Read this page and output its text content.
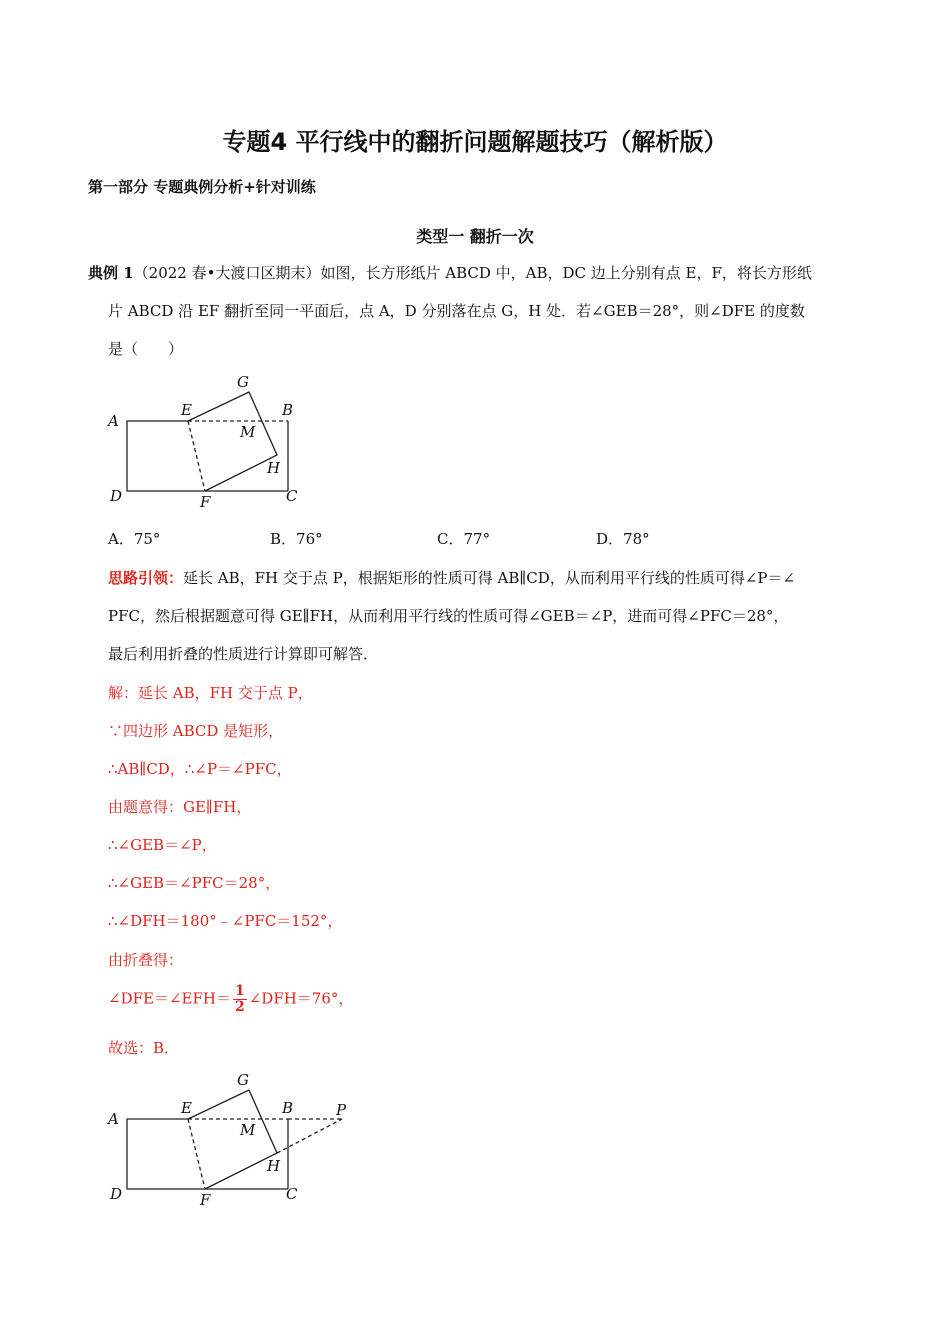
专题4 平行线中的翻折问题解题技巧（解析版）
第一部分 专题典例分析+针对训练
类型一 翻折一次
典例 1（2022 春•大渡口区期末）如图，长方形纸片 ABCD 中，AB，DC 边上分别有点 E，F，将长方形纸
片 ABCD 沿 EF 翻折至同一平面后，点 A，D 分别落在点 G，H 处．若∠GEB＝28°，则∠DFE 的度数
是（　　）
A
E
G
B
M
H
D	F	C
A．75°	B．76°	C．77°	D．78°
思路引领：延长 AB，FH 交于点 P，根据矩形的性质可得 AB∥CD，从而利用平行线的性质可得∠P＝∠
PFC，然后根据题意可得 GE∥FH，从而利用平行线的性质可得∠GEB＝∠P，进而可得∠PFC＝28°，
最后利用折叠的性质进行计算即可解答．
解：延长 AB，FH 交于点 P，
∵四边形 ABCD 是矩形，
∴AB∥CD，∴∠P＝∠PFC，
由题意得：GE∥FH，
∴∠GEB＝∠P，
∴∠GEB＝∠PFC＝28°，
∴∠DFH＝180°﹣∠PFC＝152°，
由折叠得：
∠DFE＝∠EFH＝ $\frac{1}{2}$ ∠DFH＝76°，
故选：B．
A
E
G
B	P
M
H
D	F	C
